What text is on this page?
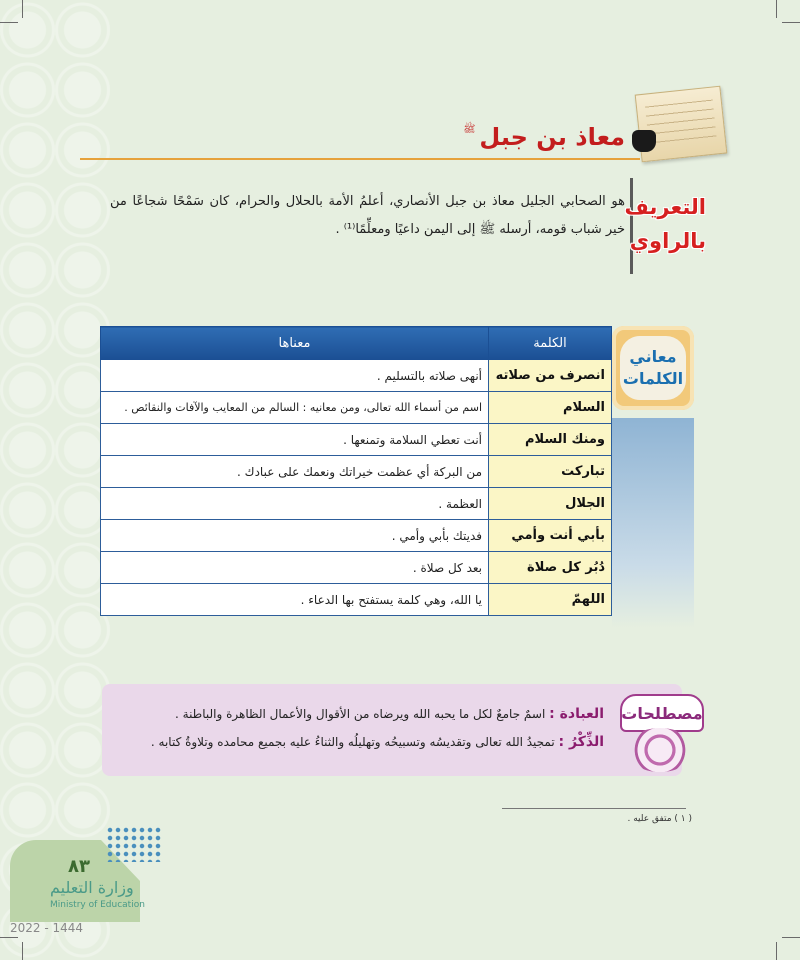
معاذ بن جبل$^ﷺ$
التعريف
بالراوي
هو الصحابي الجليل معاذ بن جبل الأنصاري، أعلمُ الأمة بالحلال والحرام، كان سَمْحًا شجاعًا من خير شباب قومه، أرسله ﷺ إلى اليمن داعيًا ومعلِّمًا⁽¹⁾ .
معاني
الكلمات
الكلمة	معناها
انصرف من صلاته	أنهى صلاته بالتسليم .
السلام	اسم من أسماء الله تعالى، ومن معانيه : السالم من المعايب والآفات والنقائص .
ومنك السلام	أنت تعطي السلامة وتمنعها .
تباركت	من البركة أي عظمت خيراتك ونعمك على عبادك .
الجلال	العظمة .
بأبي أنت وأمي	فديتك بأبي وأمي .
دُبُر كل صلاة	بعد كل صلاة .
اللهمّ	يا الله، وهي كلمة يستفتح بها الدعاء .
مصطلحات
العبادة : اسمٌ جامعٌ لكل ما يحبه الله ويرضاه من الأقوال والأعمال الظاهرة والباطنة .
الذِّكْرُ : تمجيدُ الله تعالى وتقديسُه وتسبيحُه وتهليلُه والثناءُ عليه بجميع محامده وتلاوةُ كتابه .
( ١ ) متفق عليه .
٨٣
وزارة التعليم
Ministry of Education
2022 - 1444
